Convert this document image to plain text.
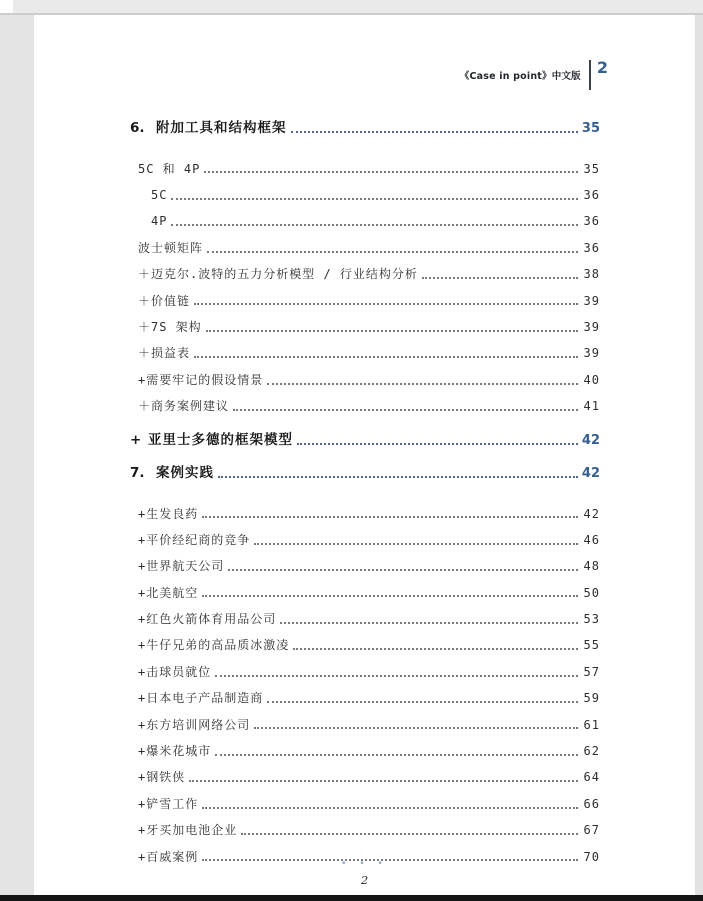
《Case in point》中文版 2
6. 附加工具和结构框架	35
5C 和 4P	35
5C	36
4P	36
波士顿矩阵	36
＋迈克尔.波特的五力分析模型 / 行业结构分析	38
＋价值链	39
＋7S 架构	39
＋损益表	39
+需要牢记的假设情景	40
＋商务案例建议	41
+ 亚里士多德的框架模型	42
7. 案例实践	42
+生发良药	42
+平价经纪商的竞争	46
+世界航天公司	48
+北美航空	50
+红色火箭体育用品公司	53
+牛仔兄弟的高品质冰激凌	55
+击球员就位	57
+日本电子产品制造商	59
+东方培训网络公司	61
+爆米花城市	62
+钢铁侠	64
+铲雪工作	66
+牙买加电池企业	67
+百威案例	70
• • •
2
